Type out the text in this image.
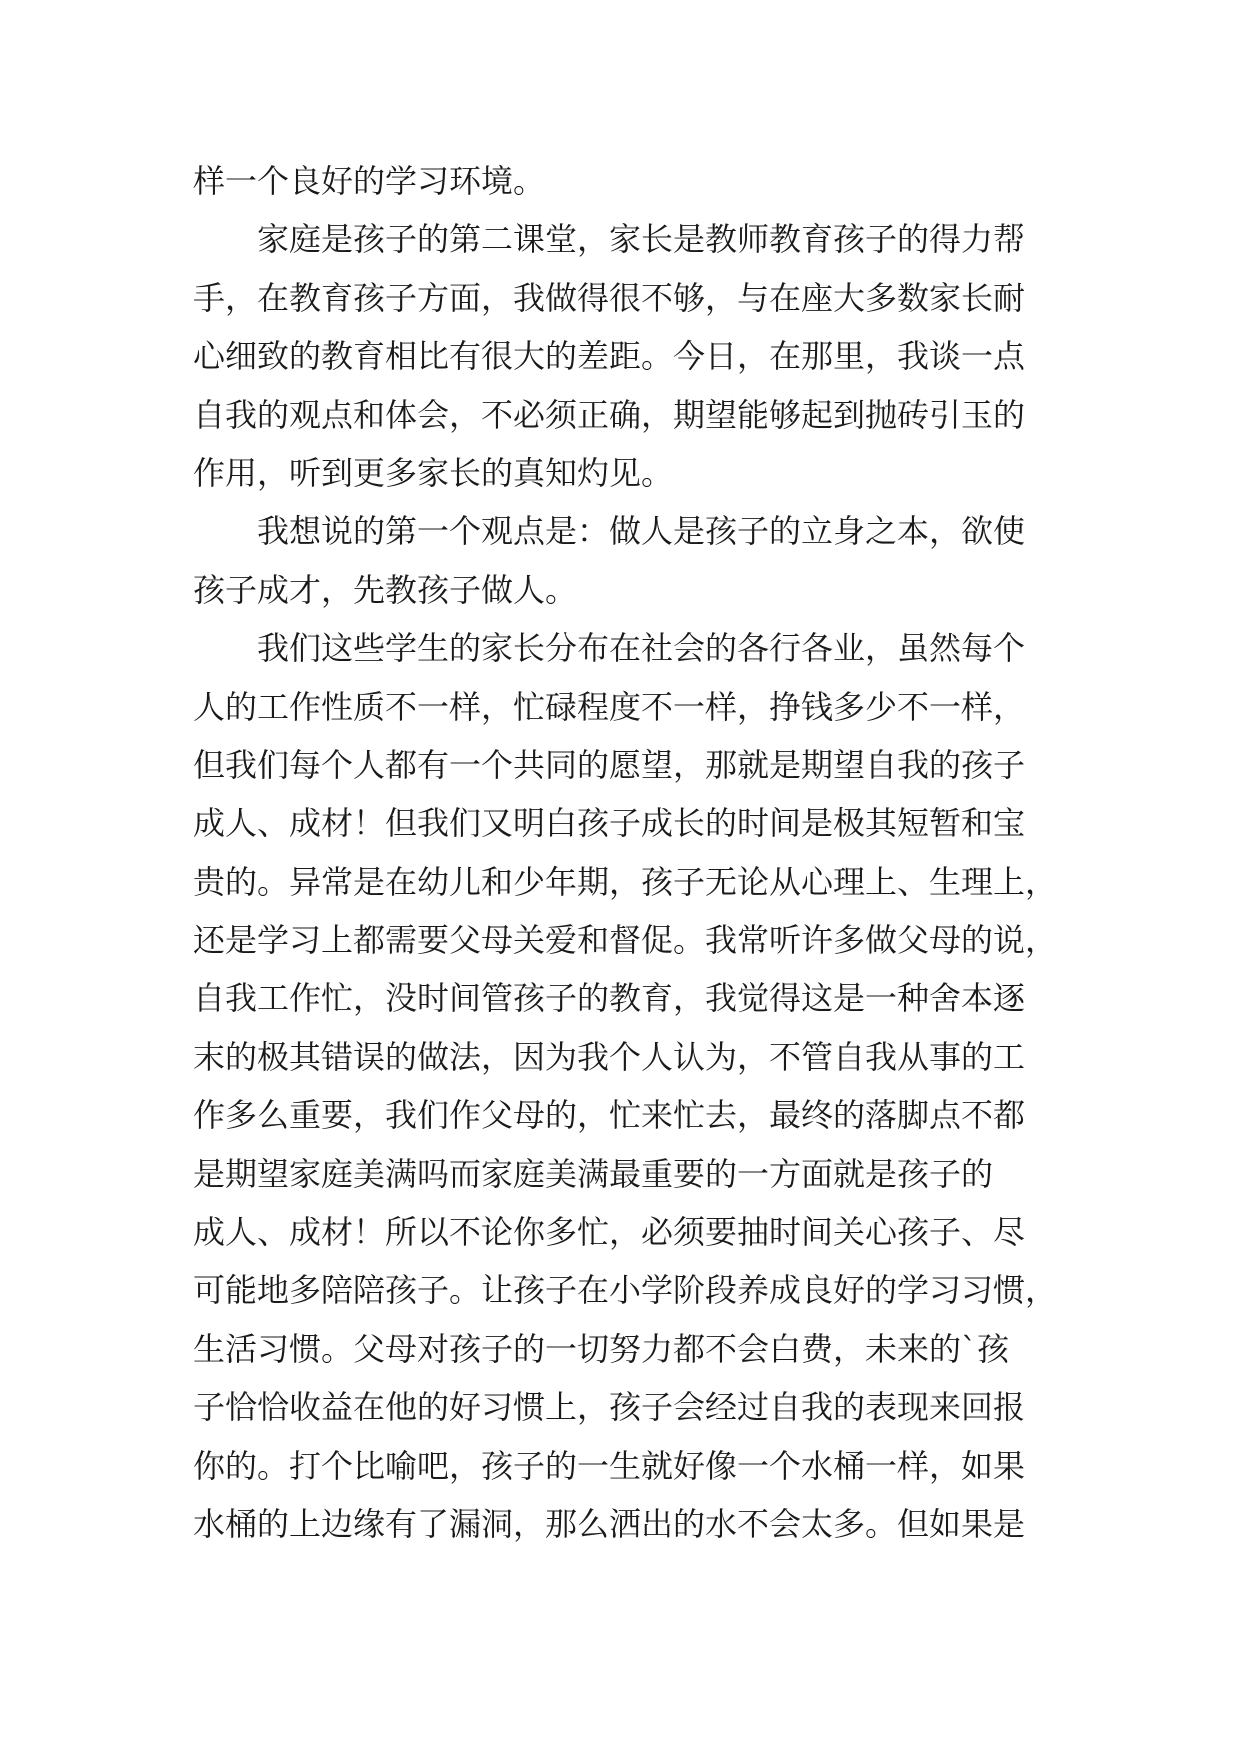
样一个良好的学习环境。
家庭是孩子的第二课堂，家长是教师教育孩子的得力帮
手，在教育孩子方面，我做得很不够，与在座大多数家长耐
心细致的教育相比有很大的差距。今日，在那里，我谈一点
自我的观点和体会，不必须正确，期望能够起到抛砖引玉的
作用，听到更多家长的真知灼见。
我想说的第一个观点是：做人是孩子的立身之本，欲使
孩子成才，先教孩子做人。
我们这些学生的家长分布在社会的各行各业，虽然每个
人的工作性质不一样，忙碌程度不一样，挣钱多少不一样，
但我们每个人都有一个共同的愿望，那就是期望自我的孩子
成人、成材！但我们又明白孩子成长的时间是极其短暂和宝
贵的。异常是在幼儿和少年期，孩子无论从心理上、生理上，
还是学习上都需要父母关爱和督促。我常听许多做父母的说，
自我工作忙，没时间管孩子的教育，我觉得这是一种舍本逐
末的极其错误的做法，因为我个人认为，不管自我从事的工
作多么重要，我们作父母的，忙来忙去，最终的落脚点不都
是期望家庭美满吗而家庭美满最重要的一方面就是孩子的
成人、成材！所以不论你多忙，必须要抽时间关心孩子、尽
可能地多陪陪孩子。让孩子在小学阶段养成良好的学习习惯，
生活习惯。父母对孩子的一切努力都不会白费，未来的`孩
子恰恰收益在他的好习惯上，孩子会经过自我的表现来回报
你的。打个比喻吧，孩子的一生就好像一个水桶一样，如果
水桶的上边缘有了漏洞，那么洒出的水不会太多。但如果是
